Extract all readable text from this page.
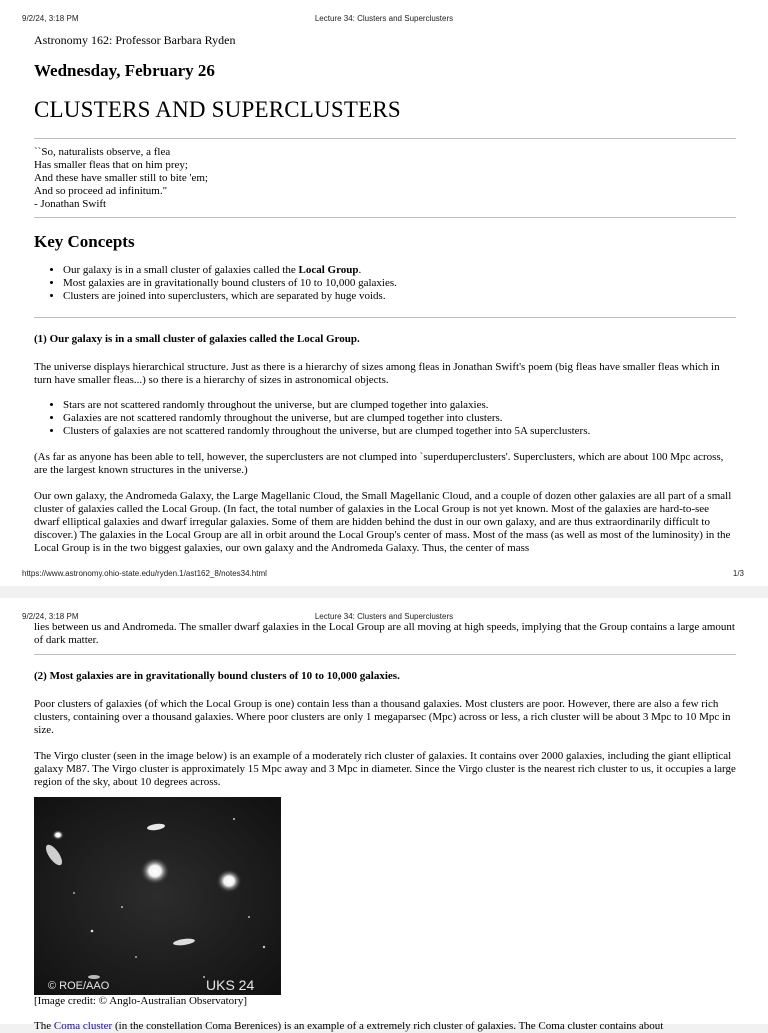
9/2/24, 3:18 PM	Lecture 34: Clusters and Superclusters

Astronomy 162: Professor Barbara Ryden

Wednesday, February 26
CLUSTERS AND SUPERCLUSTERS
``So, naturalists observe, a flea
Has smaller fleas that on him prey;
And these have smaller still to bite 'em;
And so proceed ad infinitum."
- Jonathan Swift
Key Concepts
• Our galaxy is in a small cluster of galaxies called the Local Group.
• Most galaxies are in gravitationally bound clusters of 10 to 10,000 galaxies.
• Clusters are joined into superclusters, which are separated by huge voids.

(1) Our galaxy is in a small cluster of galaxies called the Local Group.

The universe displays hierarchical structure. Just as there is a hierarchy of sizes among fleas in Jonathan Swift's poem (big fleas have smaller fleas which in turn have smaller fleas...) so there is a hierarchy of sizes in astronomical objects.

• Stars are not scattered randomly throughout the universe, but are clumped together into galaxies.
• Galaxies are not scattered randomly throughout the universe, but are clumped together into clusters.
• Clusters of galaxies are not scattered randomly throughout the universe, but are clumped together into 5A superclusters.

(As far as anyone has been able to tell, however, the superclusters are not clumped into `superduperclusters'. Superclusters, which are about 100 Mpc across, are the largest known structures in the universe.)

Our own galaxy, the Andromeda Galaxy, the Large Magellanic Cloud, the Small Magellanic Cloud, and a couple of dozen other galaxies are all part of a small cluster of galaxies called the Local Group. (In fact, the total number of galaxies in the Local Group is not yet known. Most of the galaxies are hard-to-see dwarf elliptical galaxies and dwarf irregular galaxies. Some of them are hidden behind the dust in our own galaxy, and are thus extraordinarily difficult to discover.) The galaxies in the Local Group are all in orbit around the Local Group's center of mass. Most of the mass (as well as most of the luminosity) in the Local Group is in the two biggest galaxies, our own galaxy and the Andromeda Galaxy. Thus, the center of mass

https://www.astronomy.ohio-state.edu/ryden.1/ast162_8/notes34.html	1/3
9/2/24, 3:18 PM	Lecture 34: Clusters and Superclusters

lies between us and Andromeda. The smaller dwarf galaxies in the Local Group are all moving at high speeds, implying that the Group contains a large amount of dark matter.

(2) Most galaxies are in gravitationally bound clusters of 10 to 10,000 galaxies.

Poor clusters of galaxies (of which the Local Group is one) contain less than a thousand galaxies. Most clusters are poor. However, there are also a few rich clusters, containing over a thousand galaxies. Where poor clusters are only 1 megaparsec (Mpc) across or less, a rich cluster will be about 3 Mpc to 10 Mpc in size.

The Virgo cluster (seen in the image below) is an example of a moderately rich cluster of galaxies. It contains over 2000 galaxies, including the giant elliptical galaxy M87. The Virgo cluster is approximately 15 Mpc away and 3 Mpc in diameter. Since the Virgo cluster is the nearest rich cluster to us, it occupies a large region of the sky, about 10 degrees across.

© ROE/AAO	UKS 24

[Image credit: © Anglo-Australian Observatory]

The Coma cluster (in the constellation Coma Berenices) is an example of a extremely rich cluster of galaxies. The Coma cluster contains about
